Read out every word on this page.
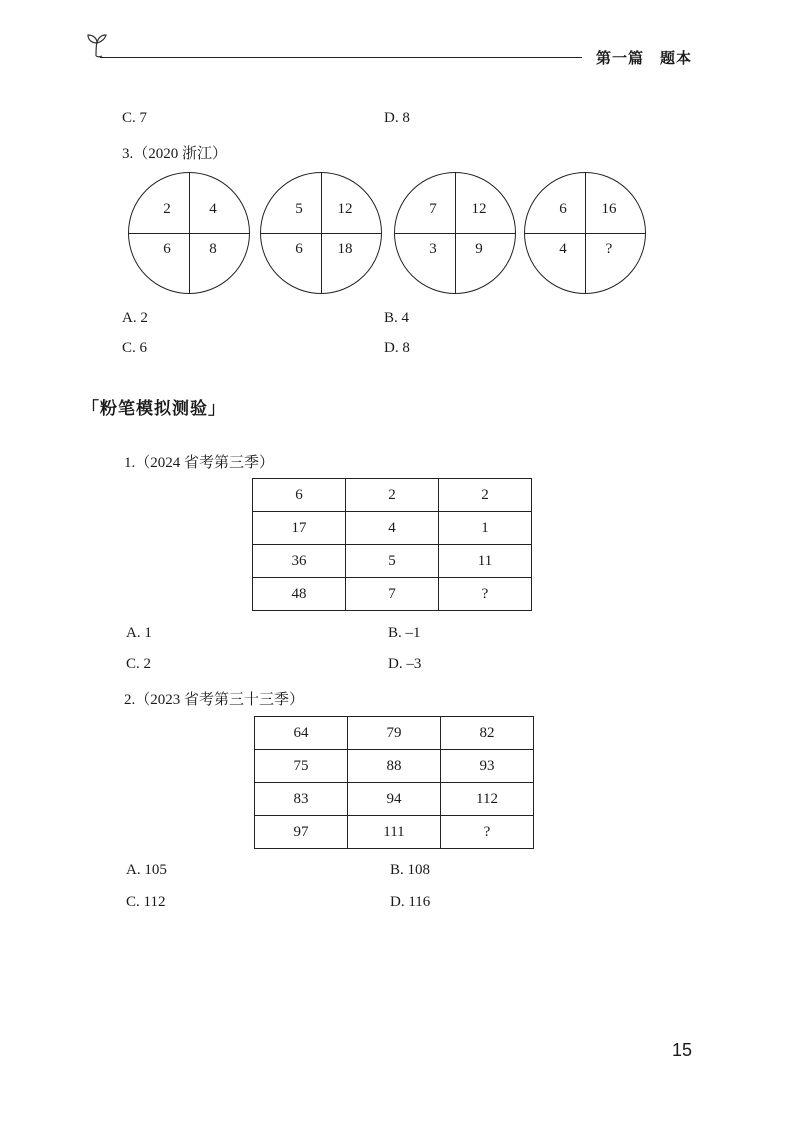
第一篇　题本
C. 7	D. 8
3.（2020 浙江）
2	4
6	8
5	12
6	18
7	12
3	9
6	16
4	?
A. 2	B. 4
C. 6	D. 8
「粉笔模拟测验」
1.（2024 省考第三季）
6	2	2
17	4	1
36	5	11
48	7	?
A. 1	B. –1
C. 2	D. –3
2.（2023 省考第三十三季）
64	79	82
75	88	93
83	94	112
97	111	?
A. 105	B. 108
C. 112	D. 116
15
